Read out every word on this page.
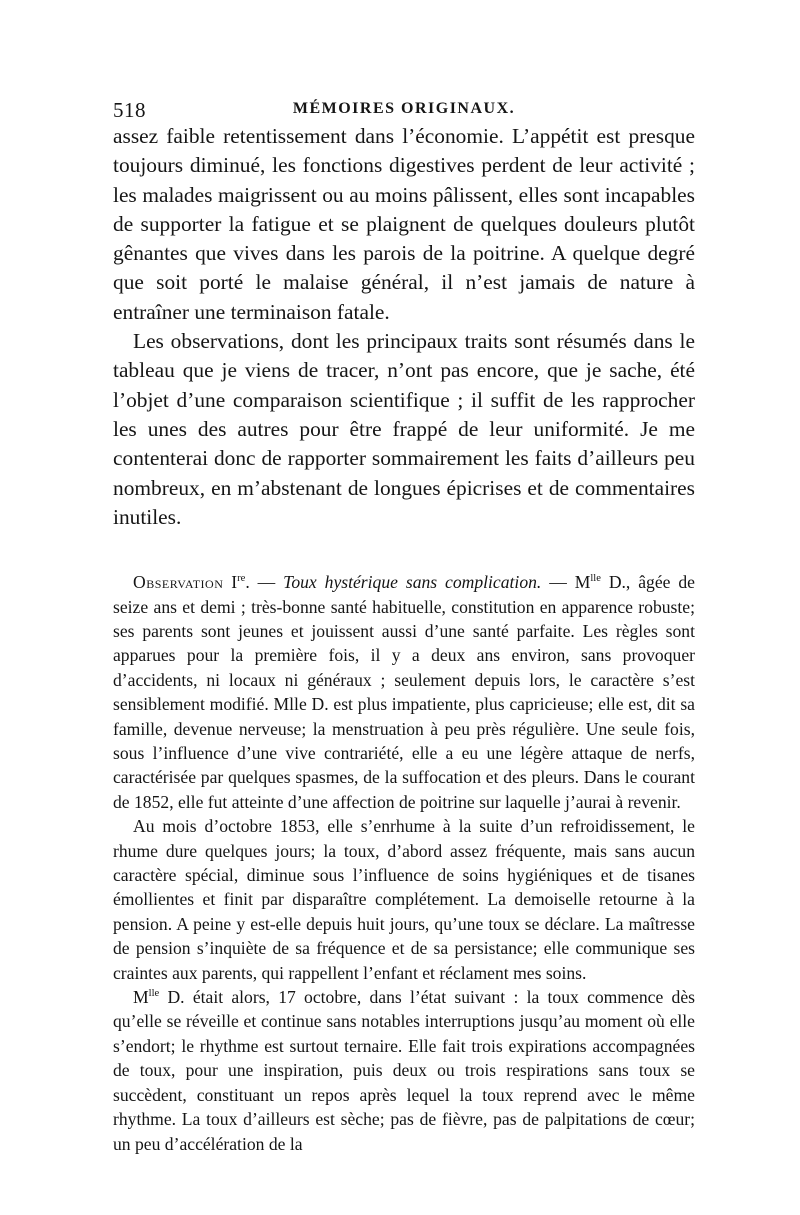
518	MÉMOIRES ORIGINAUX.

assez faible retentissement dans l’économie. L’appétit est presque toujours diminué, les fonctions digestives perdent de leur activité ; les malades maigrissent ou au moins pâlissent, elles sont incapables de supporter la fatigue et se plaignent de quelques douleurs plutôt gênantes que vives dans les parois de la poitrine. A quelque degré que soit porté le malaise général, il n’est jamais de nature à entraîner une terminaison fatale.

Les observations, dont les principaux traits sont résumés dans le tableau que je viens de tracer, n’ont pas encore, que je sache, été l’objet d’une comparaison scientifique ; il suffit de les rapprocher les unes des autres pour être frappé de leur uniformité. Je me contenterai donc de rapporter sommairement les faits d’ailleurs peu nombreux, en m’abstenant de longues épicrises et de commentaires inutiles.

Observation Ire. — Toux hystérique sans complication. — $M^{lle}$ D., âgée de seize ans et demi ; très-bonne santé habituelle, constitution en apparence robuste; ses parents sont jeunes et jouissent aussi d’une santé parfaite. Les règles sont apparues pour la première fois, il y a deux ans environ, sans provoquer d’accidents, ni locaux ni généraux ; seulement depuis lors, le caractère s’est sensiblement modifié. Mlle D. est plus impatiente, plus capricieuse; elle est, dit sa famille, devenue nerveuse; la menstruation à peu près régulière. Une seule fois, sous l’influence d’une vive contrariété, elle a eu une légère attaque de nerfs, caractérisée par quelques spasmes, de la suffocation et des pleurs. Dans le courant de 1852, elle fut atteinte d’une affection de poitrine sur laquelle j’aurai à revenir.

Au mois d’octobre 1853, elle s’enrhume à la suite d’un refroidissement, le rhume dure quelques jours; la toux, d’abord assez fréquente, mais sans aucun caractère spécial, diminue sous l’influence de soins hygiéniques et de tisanes émollientes et finit par disparaître complétement. La demoiselle retourne à la pension. A peine y est-elle depuis huit jours, qu’une toux se déclare. La maîtresse de pension s’inquiète de sa fréquence et de sa persistance; elle communique ses craintes aux parents, qui rappellent l’enfant et réclament mes soins.

$M^{lle}$ D. était alors, 17 octobre, dans l’état suivant : la toux commence dès qu’elle se réveille et continue sans notables interruptions jusqu’au moment où elle s’endort; le rhythme est surtout ternaire. Elle fait trois expirations accompagnées de toux, pour une inspiration, puis deux ou trois respirations sans toux se succèdent, constituant un repos après lequel la toux reprend avec le même rhythme. La toux d’ailleurs est sèche; pas de fièvre, pas de palpitations de cœur; un peu d’accélération de la
